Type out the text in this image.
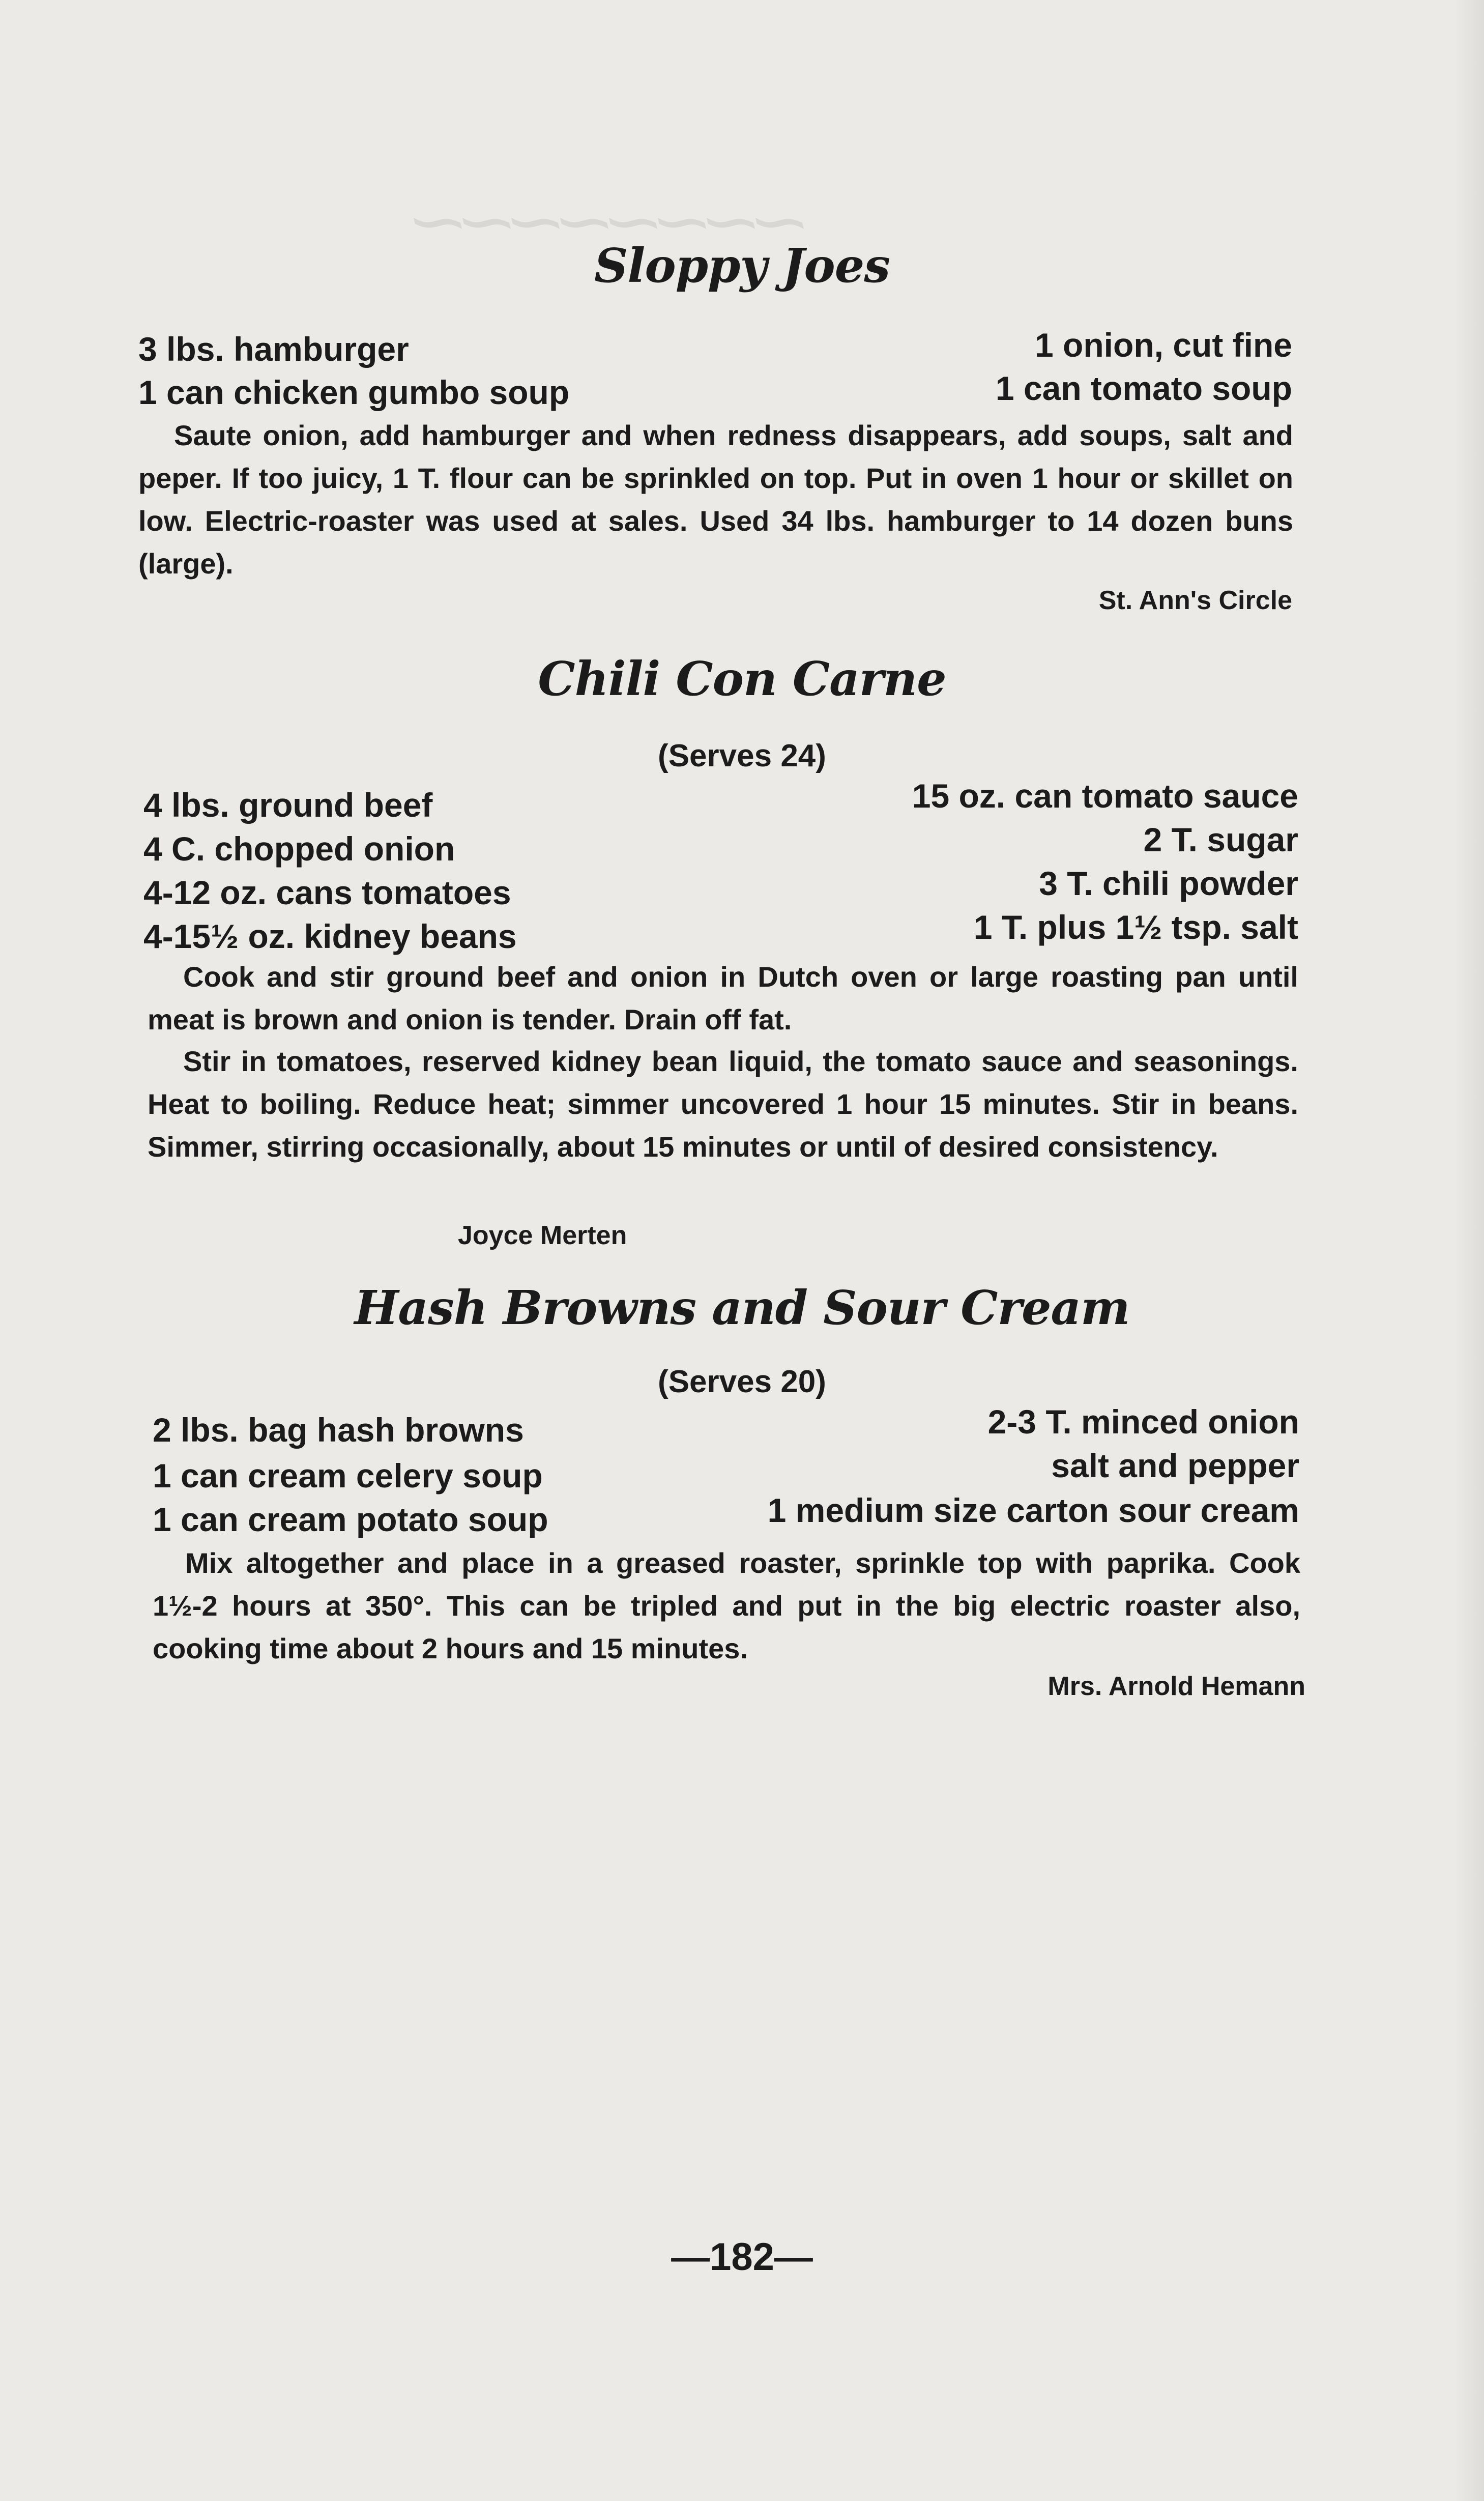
⁓⁓⁓⁓⁓⁓⁓⁓
Sloppy Joes
3 lbs. hamburger
1 can chicken gumbo soup
1 onion, cut fine
1 can tomato soup

Saute onion, add hamburger and when redness disappears, add soups, salt and peper. If too juicy, 1 T. flour can be sprinkled on top. Put in oven 1 hour or skillet on low. Electric-roaster was used at sales. Used 34 lbs. hamburger to 14 dozen buns (large).

St. Ann's Circle
Chili Con Carne
(Serves 24)
4 lbs. ground beef
4 C. chopped onion
4-12 oz. cans tomatoes
4-15½ oz. kidney beans
15 oz. can tomato sauce
2 T. sugar
3 T. chili powder
1 T. plus 1½ tsp. salt

Cook and stir ground beef and onion in Dutch oven or large roasting pan until meat is brown and onion is tender. Drain off fat.

Stir in tomatoes, reserved kidney bean liquid, the tomato sauce and seasonings. Heat to boiling. Reduce heat; simmer uncovered 1 hour 15 minutes. Stir in beans. Simmer, stirring occasionally, about 15 minutes or until of desired consistency.

Joyce Merten
Hash Browns and Sour Cream
(Serves 20)
2 lbs. bag hash browns
1 can cream celery soup
1 can cream potato soup
2-3 T. minced onion
salt and pepper
1 medium size carton sour cream

Mix altogether and place in a greased roaster, sprinkle top with paprika. Cook 1½-2 hours at 350°. This can be tripled and put in the big electric roaster also, cooking time about 2 hours and 15 minutes.

Mrs. Arnold Hemann
—182—
